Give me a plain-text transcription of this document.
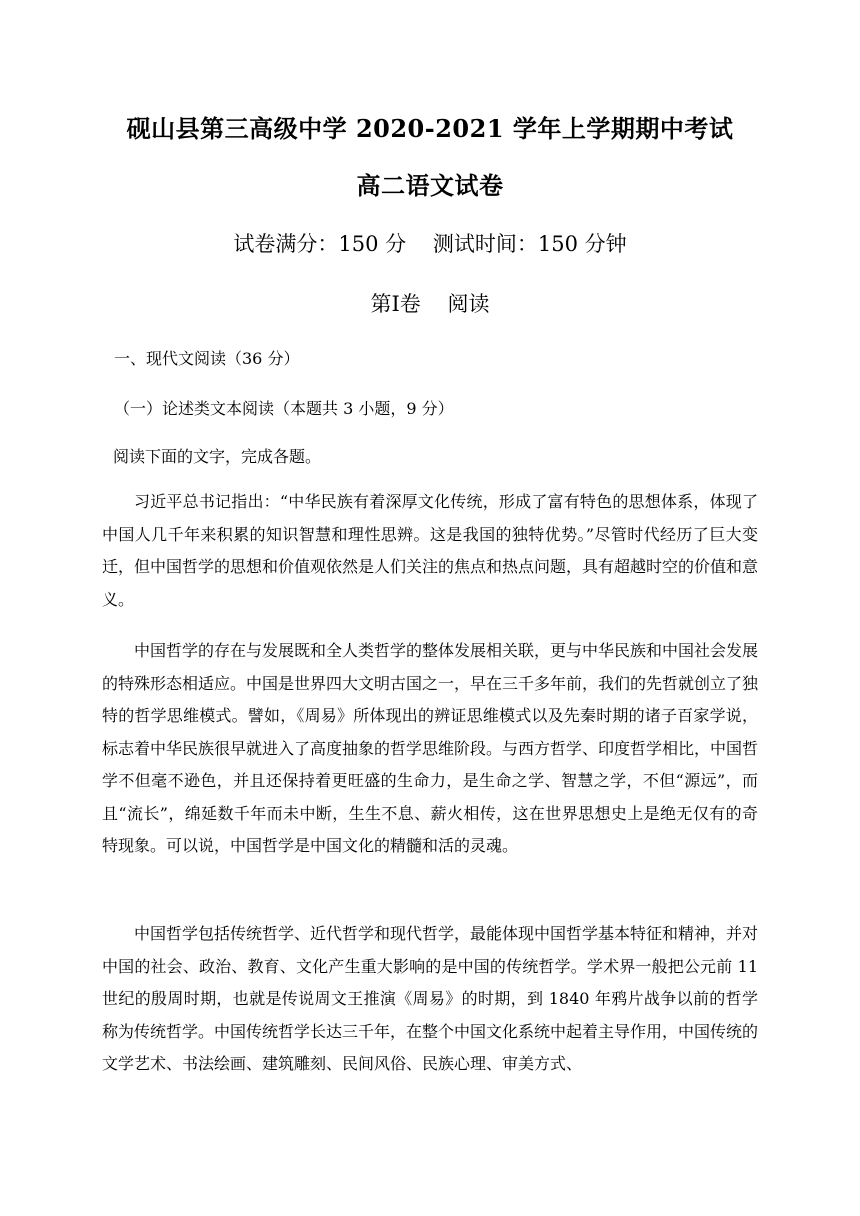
砚山县第三高级中学 2020-2021 学年上学期期中考试
高二语文试卷
试卷满分：150 分    测试时间：150 分钟
第Ⅰ卷    阅读
一、现代文阅读（36 分）
（一）论述类文本阅读（本题共 3 小题，9 分）
阅读下面的文字，完成各题。
习近平总书记指出：“中华民族有着深厚文化传统，形成了富有特色的思想体系，体现了中国人几千年来积累的知识智慧和理性思辨。这是我国的独特优势。”尽管时代经历了巨大变迁，但中国哲学的思想和价值观依然是人们关注的焦点和热点问题，具有超越时空的价值和意义。
中国哲学的存在与发展既和全人类哲学的整体发展相关联，更与中华民族和中国社会发展的特殊形态相适应。中国是世界四大文明古国之一，早在三千多年前，我们的先哲就创立了独特的哲学思维模式。譬如，《周易》所体现出的辨证思维模式以及先秦时期的诸子百家学说，标志着中华民族很早就进入了高度抽象的哲学思维阶段。与西方哲学、印度哲学相比，中国哲学不但毫不逊色，并且还保持着更旺盛的生命力，是生命之学、智慧之学，不但“源远”，而且“流长”，绵延数千年而未中断，生生不息、薪火相传，这在世界思想史上是绝无仅有的奇特现象。可以说，中国哲学是中国文化的精髓和活的灵魂。
中国哲学包括传统哲学、近代哲学和现代哲学，最能体现中国哲学基本特征和精神，并对中国的社会、政治、教育、文化产生重大影响的是中国的传统哲学。学术界一般把公元前 11 世纪的殷周时期，也就是传说周文王推演《周易》的时期，到 1840 年鸦片战争以前的哲学称为传统哲学。中国传统哲学长达三千年，在整个中国文化系统中起着主导作用，中国传统的文学艺术、书法绘画、建筑雕刻、民间风俗、民族心理、审美方式、
